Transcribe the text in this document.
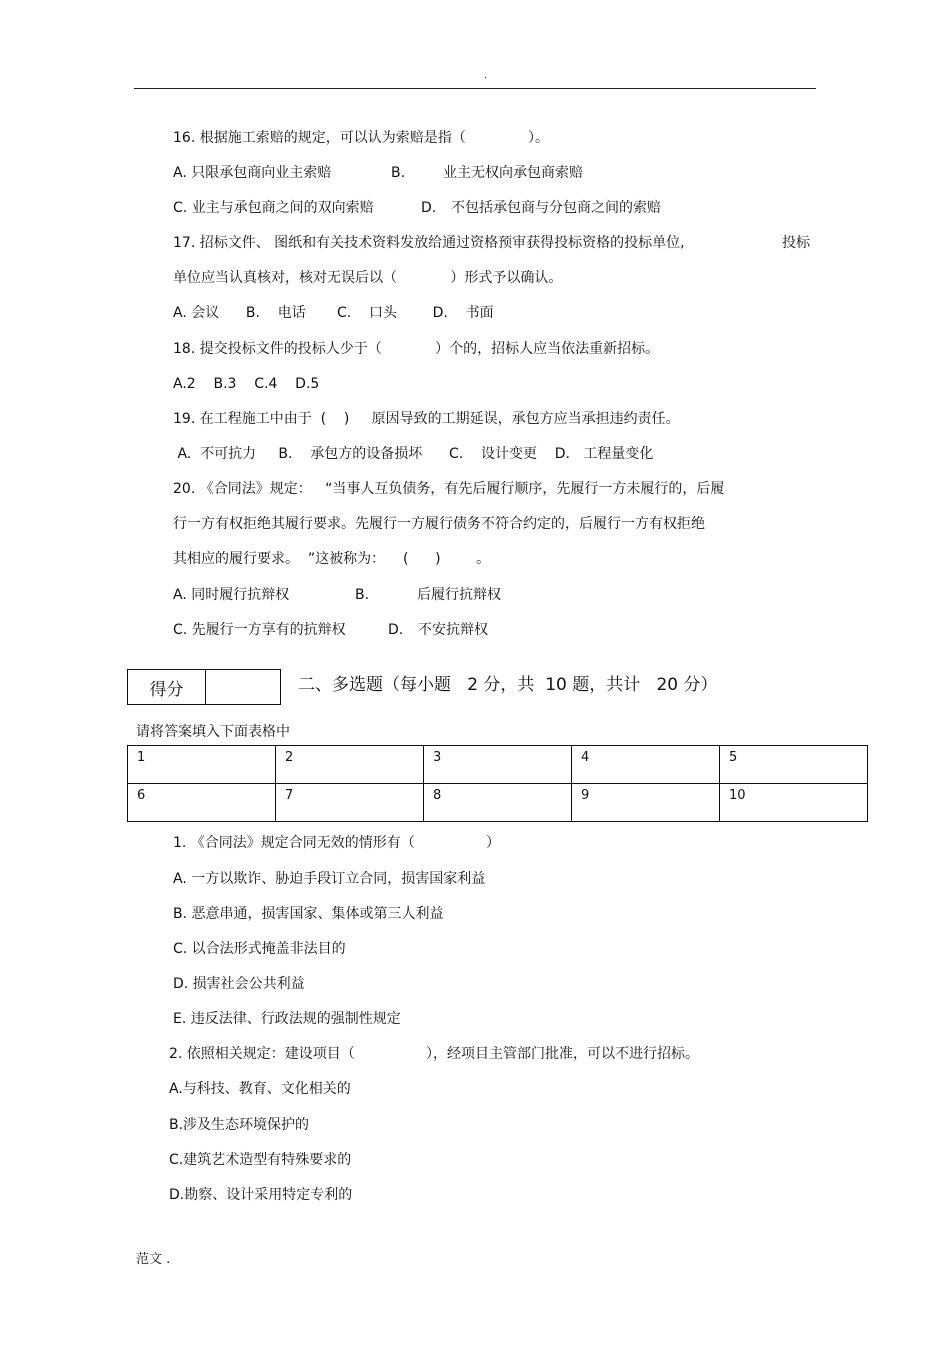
.
16. 根据施工索赔的规定，可以认为索赔是指（              ）。
A. 只限承包商向业主索赔	B.	业主无权向承包商索赔
C. 业主与承包商之间的双向索赔	D. 不包括承包商与分包商之间的索赔
17. 招标文件、 图纸和有关技术资料发放给通过资格预审获得投标资格的投标单位,	投标
单位应当认真核对，核对无误后以（            ）形式予以确认。
A. 会议      B.    电话       C.    口头        D.    书面
18. 提交投标文件的投标人少于（            ）个的，招标人应当依法重新招标。
A.2    B.3    C.4    D.5
19. 在工程施工中由于  (    )     原因导致的工期延误，承包方应当承担违约责任。
A.  不可抗力     B.    承包方的设备损坏      C.    设计变更    D.   工程量变化
20. 《合同法》规定：   “当事人互负债务，有先后履行顺序，先履行一方未履行的，后履
行一方有权拒绝其履行要求。先履行一方履行债务不符合约定的，后履行一方有权拒绝
其相应的履行要求。  ”这被称为：    (      )        。
A. 同时履行抗辩权	B.	后履行抗辩权
C. 先履行一方享有的抗辩权	D. 不安抗辩权
得分	二、多选题（每小题   2 分，共  10 题，共计   20 分）
请将答案填入下面表格中
1	2	3	4	5
6	7	8	9	10
1. 《合同法》规定合同无效的情形有（                ）
A. 一方以欺诈、胁迫手段订立合同，损害国家利益
B. 恶意串通，损害国家、集体或第三人利益
C. 以合法形式掩盖非法目的
D. 损害社会公共利益
E. 违反法律、行政法规的强制性规定
2. 依照相关规定：建设项目（                ），经项目主管部门批准，可以不进行招标。
A.与科技、教育、文化相关的
B.涉及生态环境保护的
C.建筑艺术造型有特殊要求的
D.勘察、设计采用特定专利的
范文 .
